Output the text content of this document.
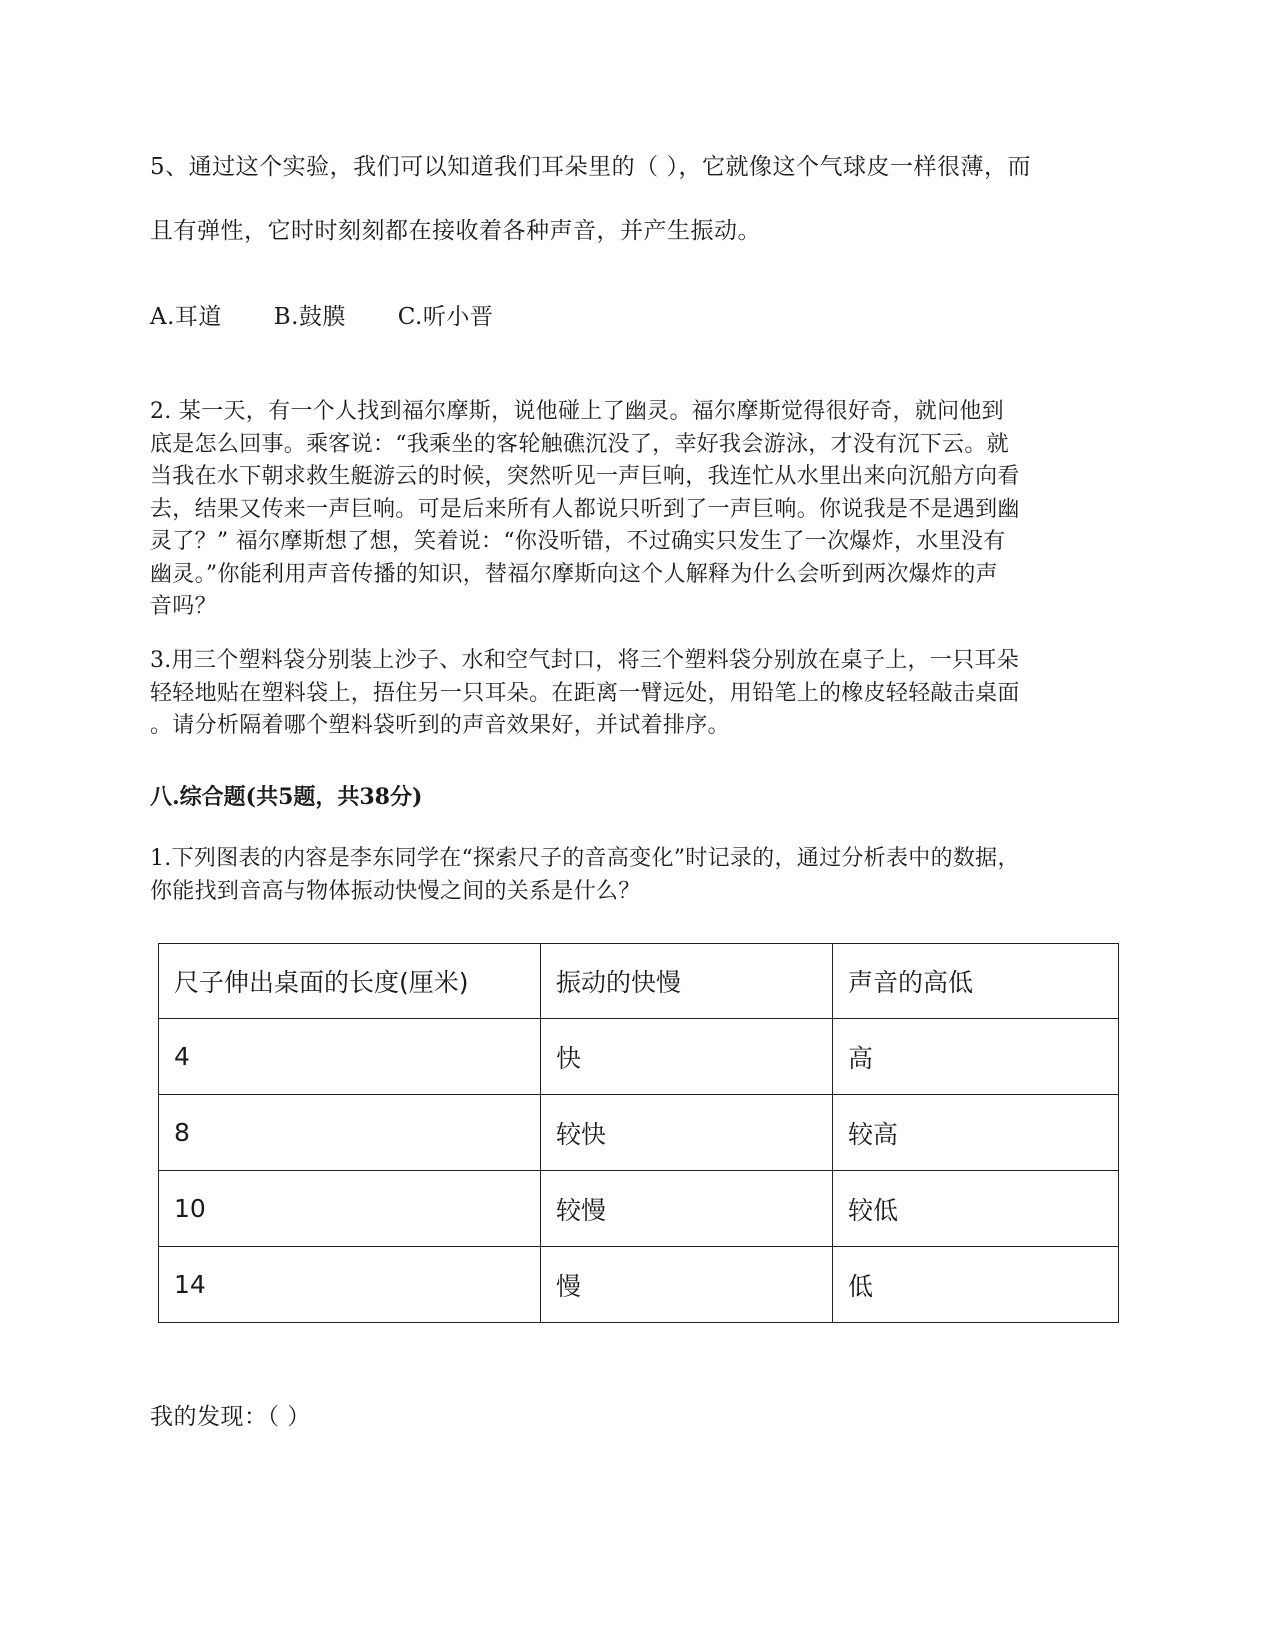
5、通过这个实验，我们可以知道我们耳朵里的（ ），它就像这个气球皮一样很薄，而
且有弹性，它时时刻刻都在接收着各种声音，并产生振动。
A.耳道 B.鼓膜 C.听小晋
2. 某一天，有一个人找到福尔摩斯，说他碰上了幽灵。福尔摩斯觉得很好奇，就问他到
底是怎么回事。乘客说：“我乘坐的客轮触礁沉没了，幸好我会游泳，才没有沉下云。就
当我在水下朝求救生艇游云的时候，突然听见一声巨响，我连忙从水里出来向沉船方向看
去，结果又传来一声巨响。可是后来所有人都说只听到了一声巨响。你说我是不是遇到幽
灵了？” 福尔摩斯想了想，笑着说：“你没听错，不过确实只发生了一次爆炸，水里没有
幽灵。”你能利用声音传播的知识，替福尔摩斯向这个人解释为什么会听到两次爆炸的声
音吗？
3.用三个塑料袋分别装上沙子、水和空气封口，将三个塑料袋分别放在桌子上，一只耳朵
轻轻地贴在塑料袋上，捂住另一只耳朵。在距离一臂远处，用铅笔上的橡皮轻轻敲击桌面
。请分析隔着哪个塑料袋听到的声音效果好，并试着排序。
八.综合题(共5题，共38分)
1.下列图表的内容是李东同学在“探索尺子的音高变化”时记录的，通过分析表中的数据，
你能找到音高与物体振动快慢之间的关系是什么？
尺子伸出桌面的长度(厘米)	振动的快慢	声音的高低
4	快	高
8	较快	较高
10	较慢	较低
14	慢	低
我的发现：（ ）
